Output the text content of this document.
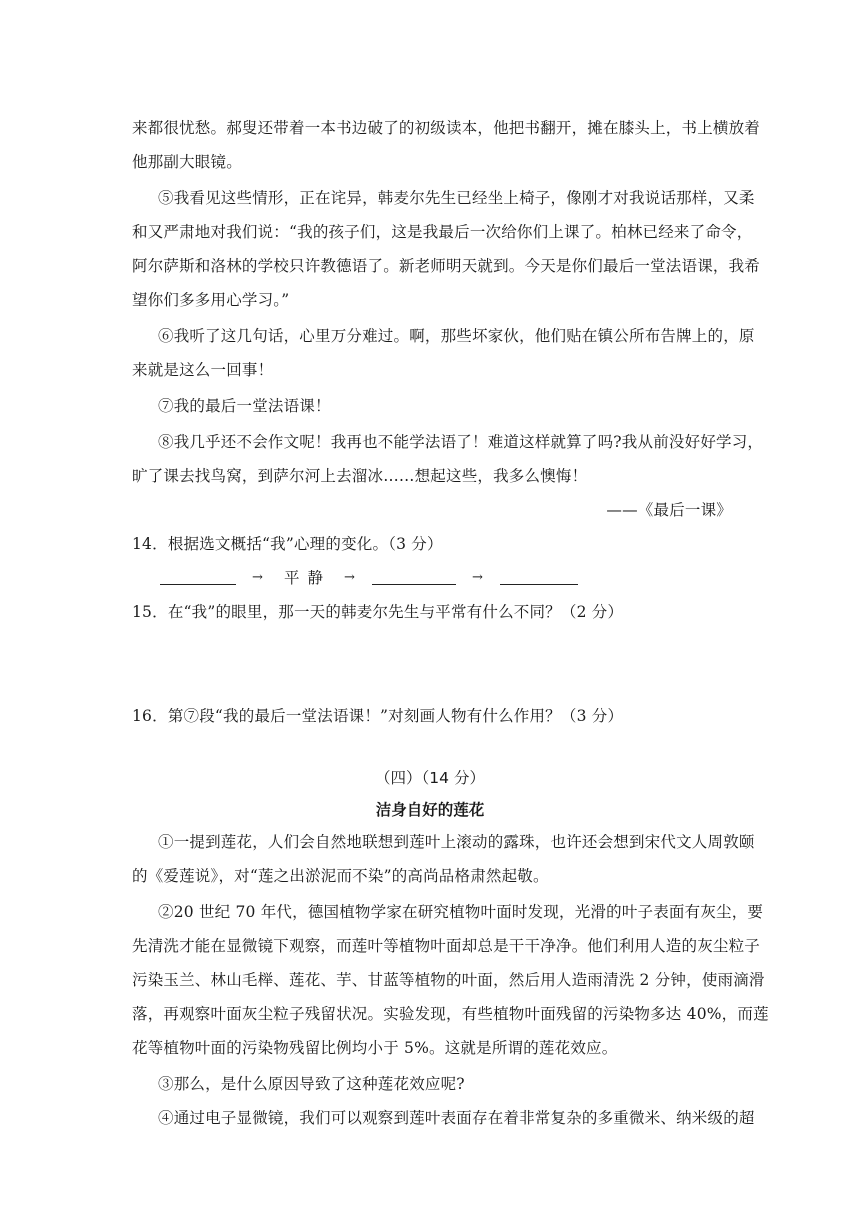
来都很忧愁。郝叟还带着一本书边破了的初级读本，他把书翻开，摊在膝头上，书上横放着
他那副大眼镜。
⑤我看见这些情形，正在诧异，韩麦尔先生已经坐上椅子，像刚才对我说话那样，又柔
和又严肃地对我们说：“我的孩子们，这是我最后一次给你们上课了。柏林已经来了命令，
阿尔萨斯和洛林的学校只许教德语了。新老师明天就到。今天是你们最后一堂法语课，我希
望你们多多用心学习。”
⑥我听了这几句话，心里万分难过。啊，那些坏家伙，他们贴在镇公所布告牌上的，原
来就是这么一回事！
⑦我的最后一堂法语课！
⑧我几乎还不会作文呢！我再也不能学法语了！难道这样就算了吗?我从前没好好学习，
旷了课去找鸟窝，到萨尔河上去溜冰……想起这些，我多么懊悔！
——《最后一课》
14．根据选文概括“我”心理的变化。（3 分）
→ 平静 →	→
15．在“我”的眼里，那一天的韩麦尔先生与平常有什么不同？（2 分）
16．第⑦段“我的最后一堂法语课！”对刻画人物有什么作用？（3 分）
（四）（14 分）
洁身自好的莲花
①一提到莲花，人们会自然地联想到莲叶上滚动的露珠，也许还会想到宋代文人周敦颐
的《爱莲说》，对“莲之出淤泥而不染”的高尚品格肃然起敬。
②20 世纪 70 年代，德国植物学家在研究植物叶面时发现，光滑的叶子表面有灰尘，要
先清洗才能在显微镜下观察，而莲叶等植物叶面却总是干干净净。他们利用人造的灰尘粒子
污染玉兰、林山毛榉、莲花、芋、甘蓝等植物的叶面，然后用人造雨清洗 2 分钟，使雨滴滑
落，再观察叶面灰尘粒子残留状况。实验发现，有些植物叶面残留的污染物多达 40%，而莲
花等植物叶面的污染物残留比例均小于 5%。这就是所谓的莲花效应。
③那么，是什么原因导致了这种莲花效应呢?
④通过电子显微镜，我们可以观察到莲叶表面存在着非常复杂的多重微米、纳米级的超
